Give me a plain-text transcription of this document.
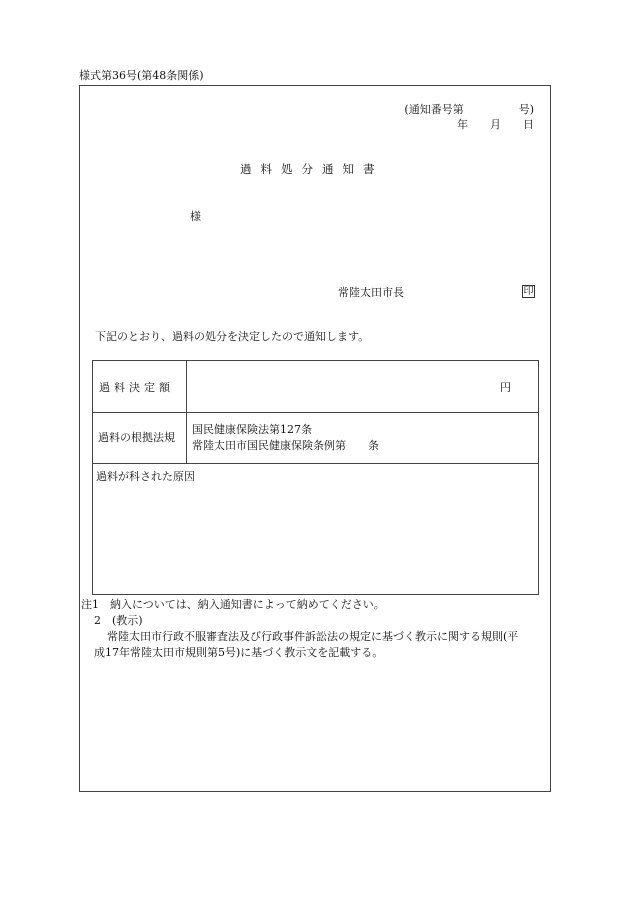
様式第36号(第48条関係)
(通知番号第　　　　　号)
年　　月　　日
過料処分通知書
様
常陸太田市長	印
下記のとおり、過料の処分を決定したので通知します。
過料決定額	円
過料の根拠法規
国民健康保険法第127条
常陸太田市国民健康保険条例第　　条
過料が科された原因
注1　納入については、納入通知書によって納めてください。
2　(教示)
常陸太田市行政不服審査法及び行政事件訴訟法の規定に基づく教示に関する規則(平
成17年常陸太田市規則第5号)に基づく教示文を記載する。
